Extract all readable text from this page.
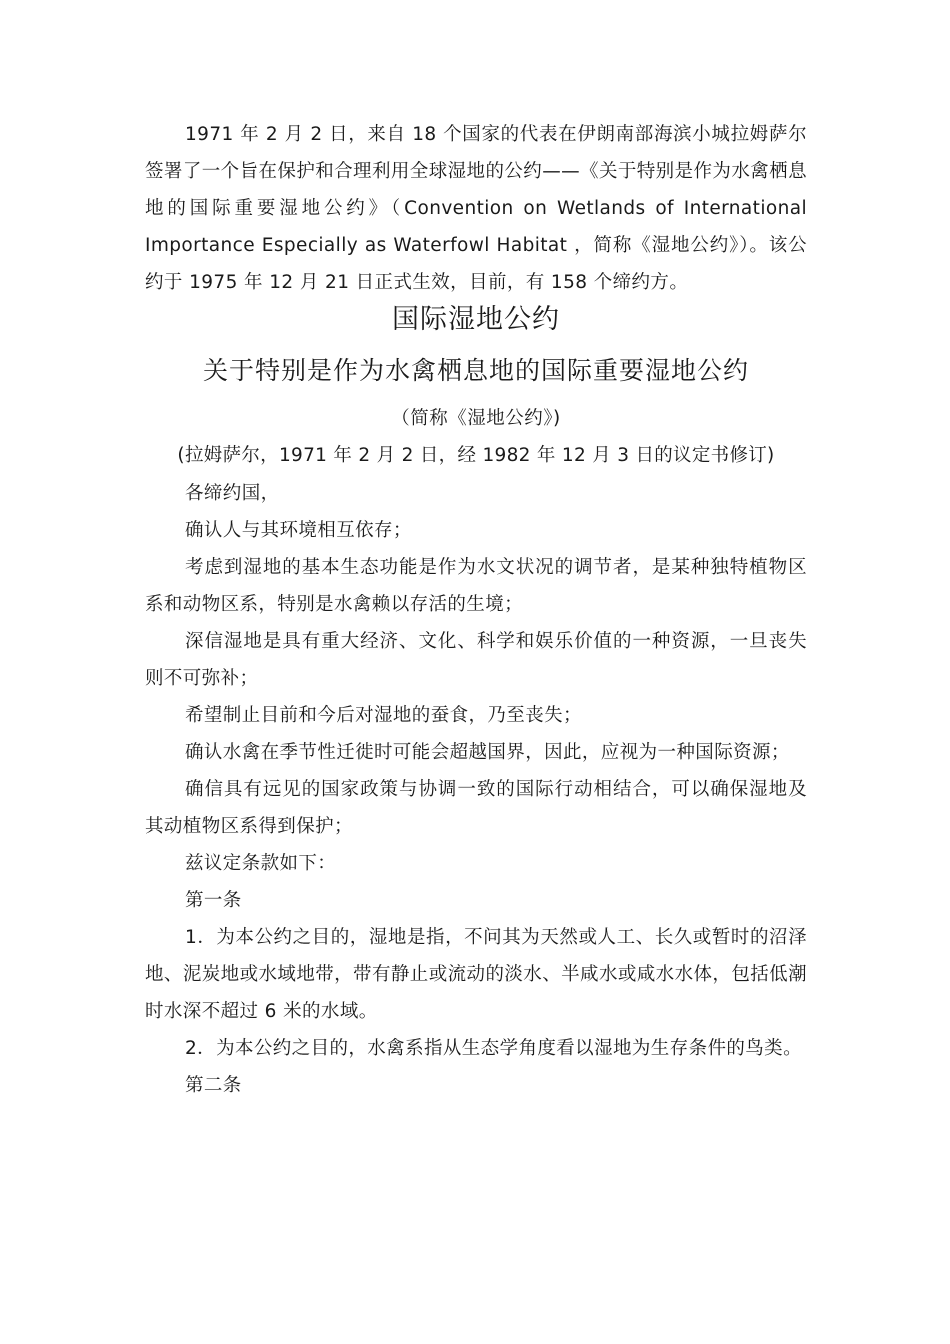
1971 年 2 月 2 日，来自 18 个国家的代表在伊朗南部海滨小城拉姆萨尔签署了一个旨在保护和合理利用全球湿地的公约——《关于特别是作为水禽栖息地的国际重要湿地公约》（Convention on Wetlands of International Importance Especially as Waterfowl Habitat ，简称《湿地公约》）。该公约于 1975 年 12 月 21 日正式生效，目前，有 158 个缔约方。

国际湿地公约
关于特别是作为水禽栖息地的国际重要湿地公约
（简称《湿地公约》)
(拉姆萨尔，1971 年 2 月 2 日，经 1982 年 12 月 3 日的议定书修订)

各缔约国，

确认人与其环境相互依存；

考虑到湿地的基本生态功能是作为水文状况的调节者，是某种独特植物区系和动物区系，特别是水禽赖以存活的生境；

深信湿地是具有重大经济、文化、科学和娱乐价值的一种资源，一旦丧失则不可弥补；

希望制止目前和今后对湿地的蚕食，乃至丧失；

确认水禽在季节性迁徙时可能会超越国界，因此，应视为一种国际资源；

确信具有远见的国家政策与协调一致的国际行动相结合，可以确保湿地及其动植物区系得到保护；

兹议定条款如下：

第一条

1．为本公约之目的，湿地是指，不问其为天然或人工、长久或暂时的沼泽地、泥炭地或水域地带，带有静止或流动的淡水、半咸水或咸水水体，包括低潮时水深不超过 6 米的水域。

2．为本公约之目的，水禽系指从生态学角度看以湿地为生存条件的鸟类。

第二条
